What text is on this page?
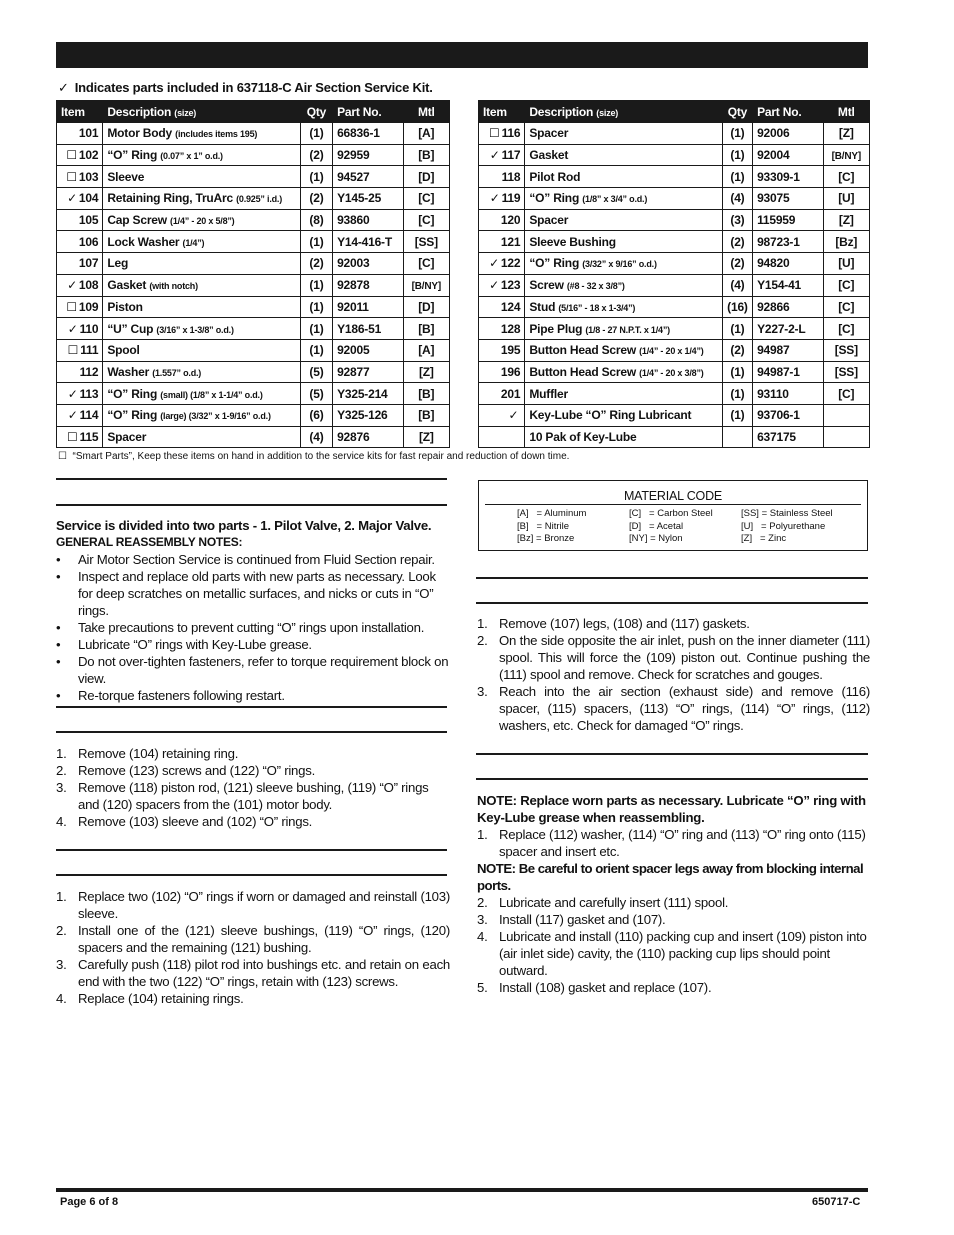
✓ Indicates parts included in 637118-C Air Section Service Kit.
Item	Description (size)	Qty	Part No.	Mtl
101	Motor Body (includes items 195)	(1)	66836-1	[A]
☐ 102	“O” Ring (0.07” x 1” o.d.)	(2)	92959	[B]
☐ 103	Sleeve	(1)	94527	[D]
✓ 104	Retaining Ring, TruArc (0.925” i.d.)	(2)	Y145-25	[C]
105	Cap Screw (1/4” - 20 x 5/8”)	(8)	93860	[C]
106	Lock Washer (1/4”)	(1)	Y14-416-T	[SS]
107	Leg	(2)	92003	[C]
✓ 108	Gasket (with notch)	(1)	92878	[B/NY]
☐ 109	Piston	(1)	92011	[D]
✓ 110	“U” Cup (3/16” x 1-3/8” o.d.)	(1)	Y186-51	[B]
☐ 111	Spool	(1)	92005	[A]
112	Washer (1.557” o.d.)	(5)	92877	[Z]
✓ 113	“O” Ring (small) (1/8” x 1-1/4” o.d.)	(5)	Y325-214	[B]
✓ 114	“O” Ring (large) (3/32” x 1-9/16” o.d.)	(6)	Y325-126	[B]
☐ 115	Spacer	(4)	92876	[Z]
Item	Description (size)	Qty	Part No.	Mtl
☐ 116	Spacer	(1)	92006	[Z]
✓ 117	Gasket	(1)	92004	[B/NY]
118	Pilot Rod	(1)	93309-1	[C]
✓ 119	“O” Ring (1/8” x 3/4” o.d.)	(4)	93075	[U]
120	Spacer	(3)	115959	[Z]
121	Sleeve Bushing	(2)	98723-1	[Bz]
✓ 122	“O” Ring (3/32” x 9/16” o.d.)	(2)	94820	[U]
✓ 123	Screw (#8 - 32 x 3/8”)	(4)	Y154-41	[C]
124	Stud (5/16” - 18 x 1-3/4”)	(16)	92866	[C]
128	Pipe Plug (1/8 - 27 N.P.T. x 1/4”)	(1)	Y227-2-L	[C]
195	Button Head Screw (1/4” - 20 x 1/4”)	(2)	94987	[SS]
196	Button Head Screw (1/4” - 20 x 3/8”)	(1)	94987-1	[SS]
201	Muffler	(1)	93110	[C]
✓	Key-Lube “O” Ring Lubricant	(1)	93706-1	
	10 Pak of Key-Lube		637175	
☐ “Smart Parts”, Keep these items on hand in addition to the service kits for fast repair and reduction of down time.

Service is divided into two parts - 1. Pilot Valve, 2. Major Valve.

GENERAL REASSEMBLY NOTES:

• Air Motor Section Service is continued from Fluid Section repair.
• Inspect and replace old parts with new parts as necessary. Look for deep scratches on metallic surfaces, and nicks or cuts in “O” rings.
• Take precautions to prevent cutting “O” rings upon installation.
• Lubricate “O” rings with Key-Lube grease.
• Do not over-tighten fasteners, refer to torque requirement block on view.
• Re-torque fasteners following restart.
1. Remove (104) retaining ring.
2. Remove (123) screws and (122) “O” rings.
3. Remove (118) piston rod, (121) sleeve bushing, (119) “O” rings and (120) spacers from the (101) motor body.
4. Remove (103) sleeve and (102) “O” rings.
1. Replace two (102) “O” rings if worn or damaged and reinstall (103) sleeve.
2. Install one of the (121) sleeve bushings, (119) “O” rings, (120) spacers and the remaining (121) bushing.
3. Carefully push (118) pilot rod into bushings etc. and retain on each end with the two (122) “O” rings, retain with (123) screws.
4. Replace (104) retaining rings.
MATERIAL CODE
[A]   = Aluminum
[B]   = Nitrile
[Bz] = Bronze
[C]   = Carbon Steel
[D]   = Acetal
[NY] = Nylon
[SS] = Stainless Steel
[U]   = Polyurethane
[Z]   = Zinc
1. Remove (107) legs, (108) and (117) gaskets.
2. On the side opposite the air inlet, push on the inner diameter (111) spool. This will force the (109) piston out. Continue pushing the (111) spool and remove. Check for scratches and gouges.
3. Reach into the air section (exhaust side) and remove (116) spacer, (115) spacers, (113) “O” rings, (114) “O” rings, (112) washers, etc. Check for damaged “O” rings.

NOTE: Replace worn parts as necessary. Lubricate “O” ring with Key-Lube grease when reassembling.

1. Replace (112) washer, (114) “O” ring and (113) “O” ring onto (115) spacer and insert etc.

NOTE: Be careful to orient spacer legs away from blocking internal ports.

2. Lubricate and carefully insert (111) spool.
3. Install (117) gasket and (107).
4. Lubricate and install (110) packing cup and insert (109) piston into (air inlet side) cavity, the (110) packing cup lips should point outward.
5. Install (108) gasket and replace (107).
Page 6 of 8	650717-C
